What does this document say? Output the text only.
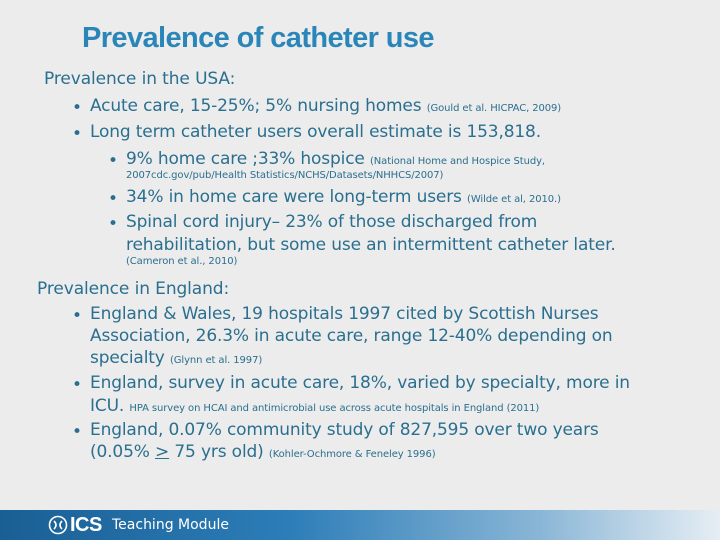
Prevalence of catheter use
Prevalence in the USA:
• Acute care, 15-25%; 5% nursing homes (Gould et al. HICPAC, 2009)
• Long term catheter users overall estimate is 153,818.
• 9% home care ;33% hospice (National Home and Hospice Study,
2007cdc.gov/pub/Health Statistics/NCHS/Datasets/NHHCS/2007)
• 34% in home care were long-term users (Wilde et al, 2010.)
• Spinal cord injury– 23% of those discharged from
rehabilitation, but some use an intermittent catheter later.
(Cameron et al., 2010)
Prevalence in England:
• England & Wales, 19 hospitals 1997 cited by Scottish Nurses
Association, 26.3% in acute care, range 12-40% depending on
specialty (Glynn et al. 1997)
• England, survey in acute care, 18%, varied by specialty, more in
ICU. HPA survey on HCAI and antimicrobial use across acute hospitals in England (2011)
• England, 0.07% community study of 827,595 over two years
(0.05% ≥ 75 yrs old) (Kohler-Ochmore & Feneley 1996)
ICS Teaching Module
